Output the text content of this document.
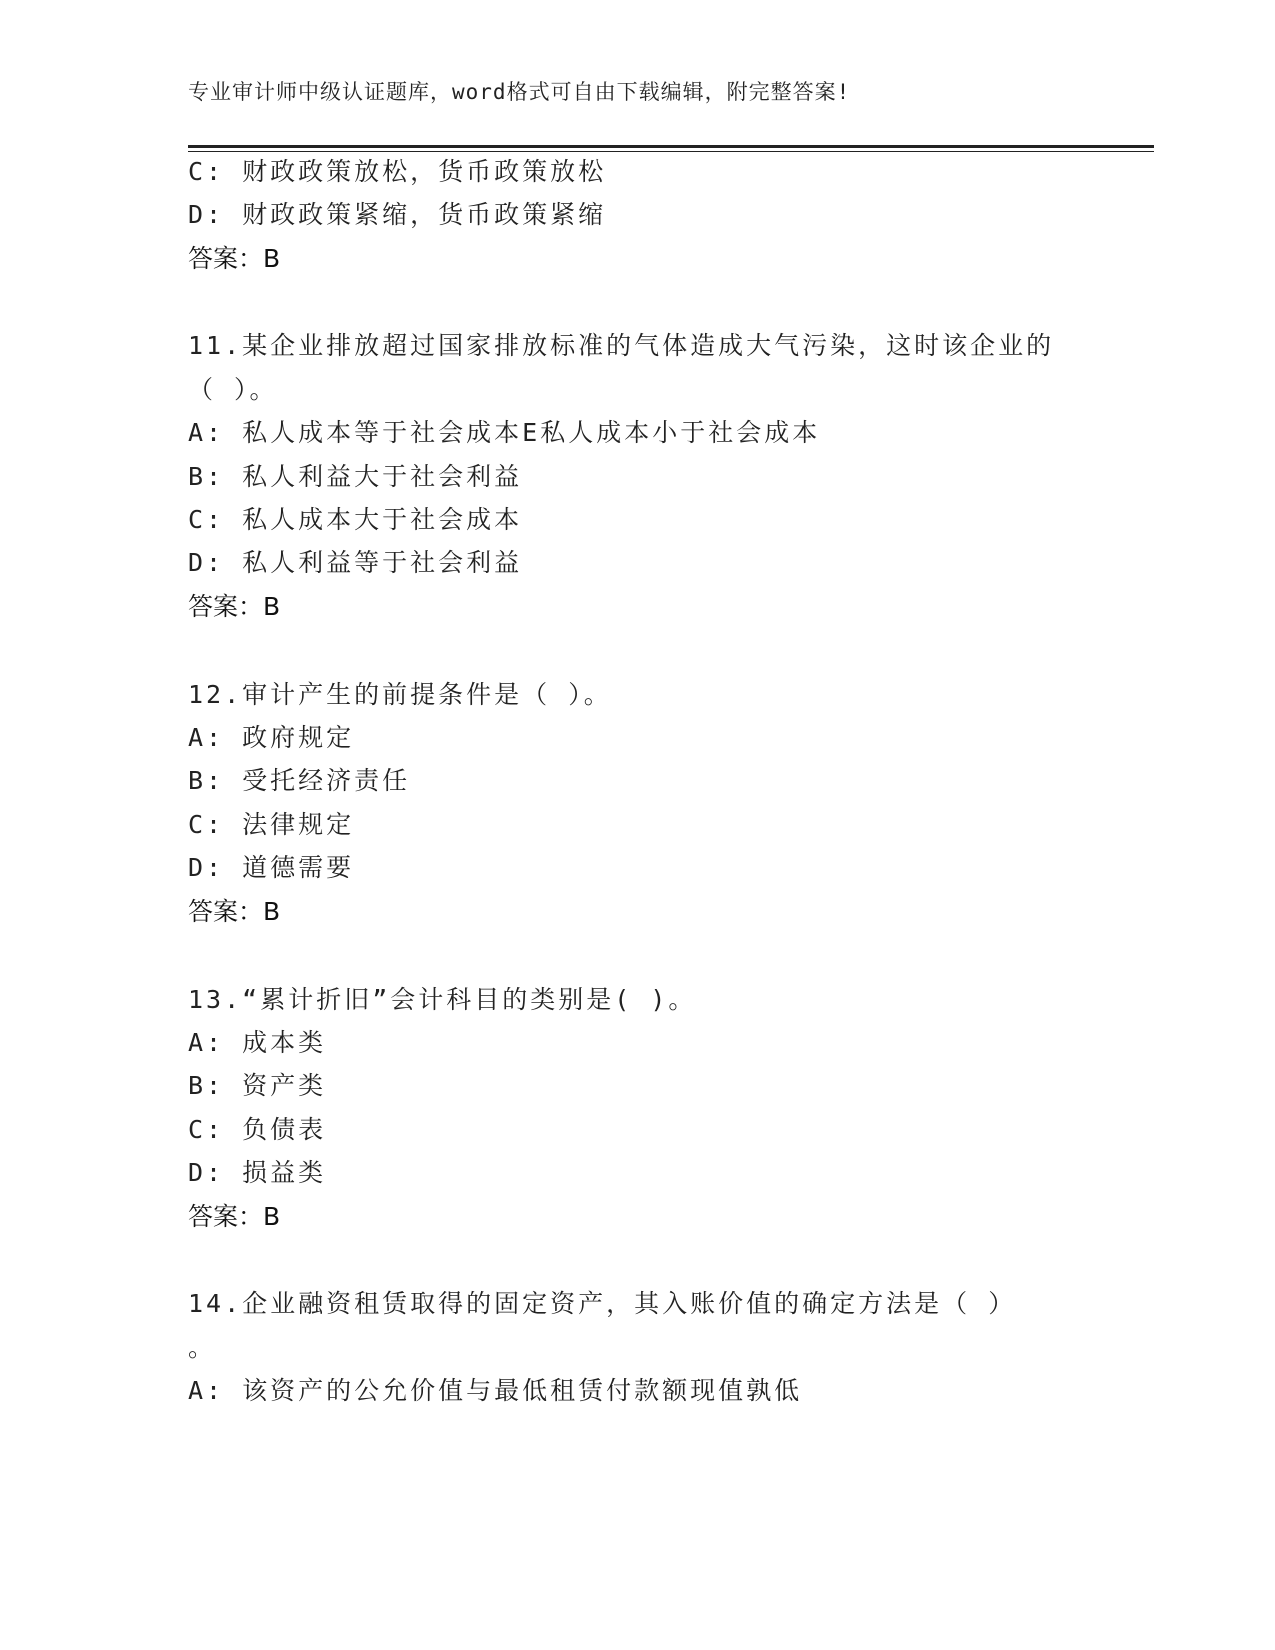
专业审计师中级认证题库，word格式可自由下载编辑，附完整答案!
C: 财政政策放松，货币政策放松
D: 财政政策紧缩，货币政策紧缩
答案：B
11.某企业排放超过国家排放标准的气体造成大气污染，这时该企业的
（ ）。
A: 私人成本等于社会成本E私人成本小于社会成本
B: 私人利益大于社会利益
C: 私人成本大于社会成本
D: 私人利益等于社会利益
答案：B
12.审计产生的前提条件是（ ）。
A: 政府规定
B: 受托经济责任
C: 法律规定
D: 道德需要
答案：B
13.“累计折旧”会计科目的类别是( )。
A: 成本类
B: 资产类
C: 负债表
D: 损益类
答案：B
14.企业融资租赁取得的固定资产，其入账价值的确定方法是（ ）
。
A: 该资产的公允价值与最低租赁付款额现值孰低
